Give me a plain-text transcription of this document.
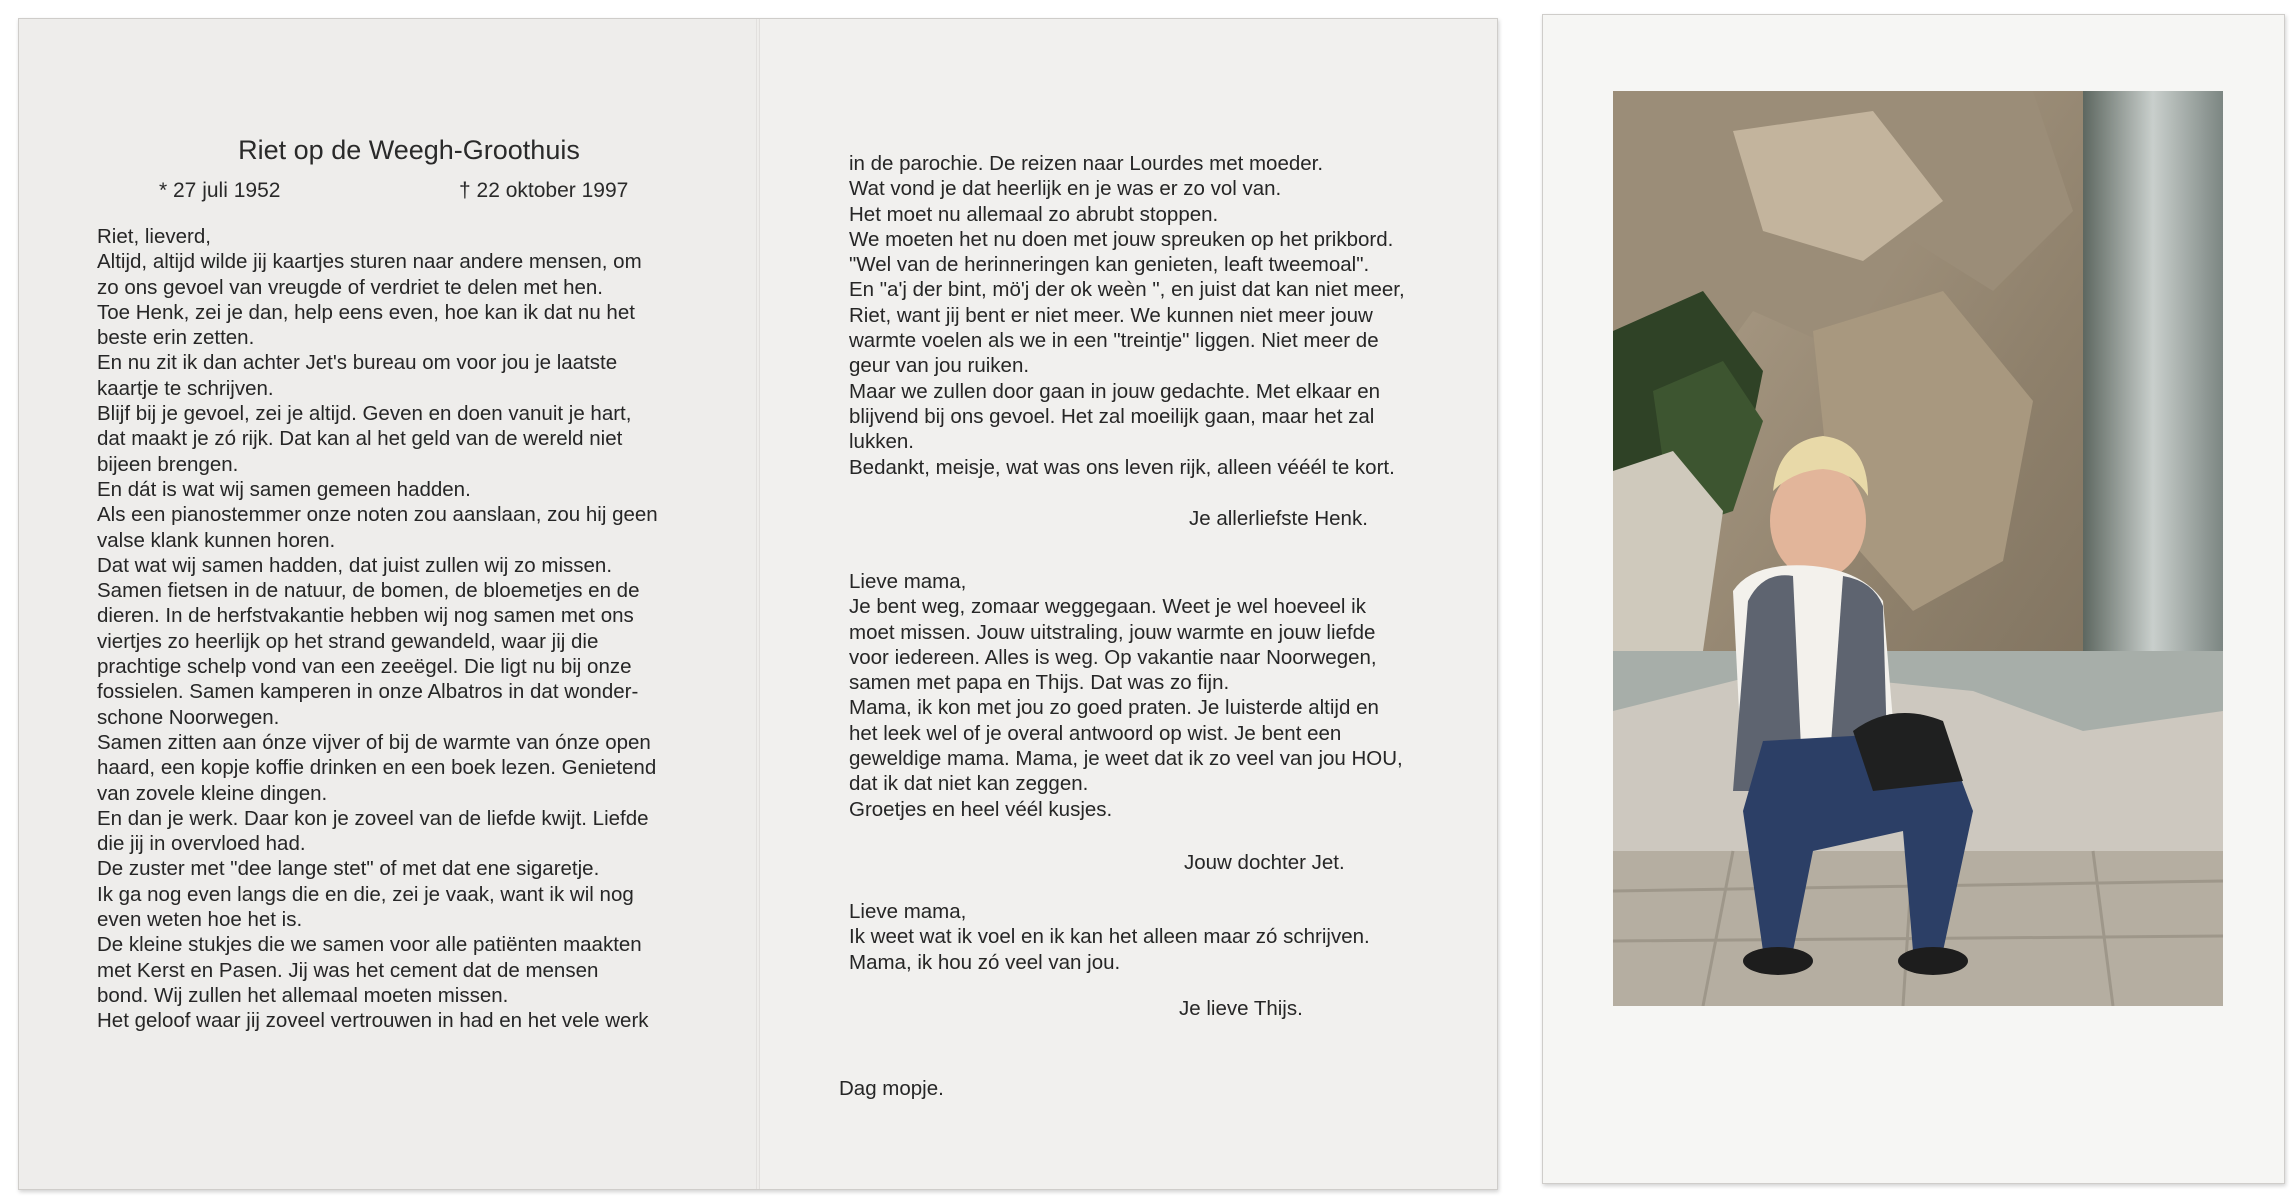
Riet op de Weegh-Groothuis
* 27 juli 1952	† 22 oktober 1997

Riet, lieverd,
Altijd, altijd wilde jij kaartjes sturen naar andere mensen, om
zo ons gevoel van vreugde of verdriet te delen met hen.
Toe Henk, zei je dan, help eens even, hoe kan ik dat nu het
beste erin zetten.
En nu zit ik dan achter Jet's bureau om voor jou je laatste
kaartje te schrijven.
Blijf bij je gevoel, zei je altijd. Geven en doen vanuit je hart,
dat maakt je zó rijk. Dat kan al het geld van de wereld niet
bijeen brengen.
En dát is wat wij samen gemeen hadden.
Als een pianostemmer onze noten zou aanslaan, zou hij geen
valse klank kunnen horen.
Dat wat wij samen hadden, dat juist zullen wij zo missen.
Samen fietsen in de natuur, de bomen, de bloemetjes en de
dieren. In de herfstvakantie hebben wij nog samen met ons
viertjes zo heerlijk op het strand gewandeld, waar jij die
prachtige schelp vond van een zeeëgel. Die ligt nu bij onze
fossielen. Samen kamperen in onze Albatros in dat wonder-
schone Noorwegen.
Samen zitten aan ónze vijver of bij de warmte van ónze open
haard, een kopje koffie drinken en een boek lezen. Genietend
van zovele kleine dingen.
En dan je werk. Daar kon je zoveel van de liefde kwijt. Liefde
die jij in overvloed had.
De zuster met "dee lange stet" of met dat ene sigaretje.
Ik ga nog even langs die en die, zei je vaak, want ik wil nog
even weten hoe het is.
De kleine stukjes die we samen voor alle patiënten maakten
met Kerst en Pasen. Jij was het cement dat de mensen
bond. Wij zullen het allemaal moeten missen.
Het geloof waar jij zoveel vertrouwen in had en het vele werk

in de parochie. De reizen naar Lourdes met moeder.
Wat vond je dat heerlijk en je was er zo vol van.
Het moet nu allemaal zo abrubt stoppen.
We moeten het nu doen met jouw spreuken op het prikbord.
"Wel van de herinneringen kan genieten, leaft tweemoal".
En "a'j der bint, mö'j der ok weèn ", en juist dat kan niet meer,
Riet, want jij bent er niet meer. We kunnen niet meer jouw
warmte voelen als we in een "treintje" liggen. Niet meer de
geur van jou ruiken.
Maar we zullen door gaan in jouw gedachte. Met elkaar en
blijvend bij ons gevoel. Het zal moeilijk gaan, maar het zal
lukken.
Bedankt, meisje, wat was ons leven rijk, alleen vééél te kort.

Je allerliefste Henk.

Lieve mama,
Je bent weg, zomaar weggegaan. Weet je wel hoeveel ik
moet missen. Jouw uitstraling, jouw warmte en jouw liefde
voor iedereen. Alles is weg. Op vakantie naar Noorwegen,
samen met papa en Thijs. Dat was zo fijn.
Mama, ik kon met jou zo goed praten. Je luisterde altijd en
het leek wel of je overal antwoord op wist. Je bent een
geweldige mama. Mama, je weet dat ik zo veel van jou HOU,
dat ik dat niet kan zeggen.
Groetjes en heel véél kusjes.

Jouw dochter Jet.

Lieve mama,
Ik weet wat ik voel en ik kan het alleen maar zó schrijven.
Mama, ik hou zó veel van jou.

Je lieve Thijs.
Dag mopje.
